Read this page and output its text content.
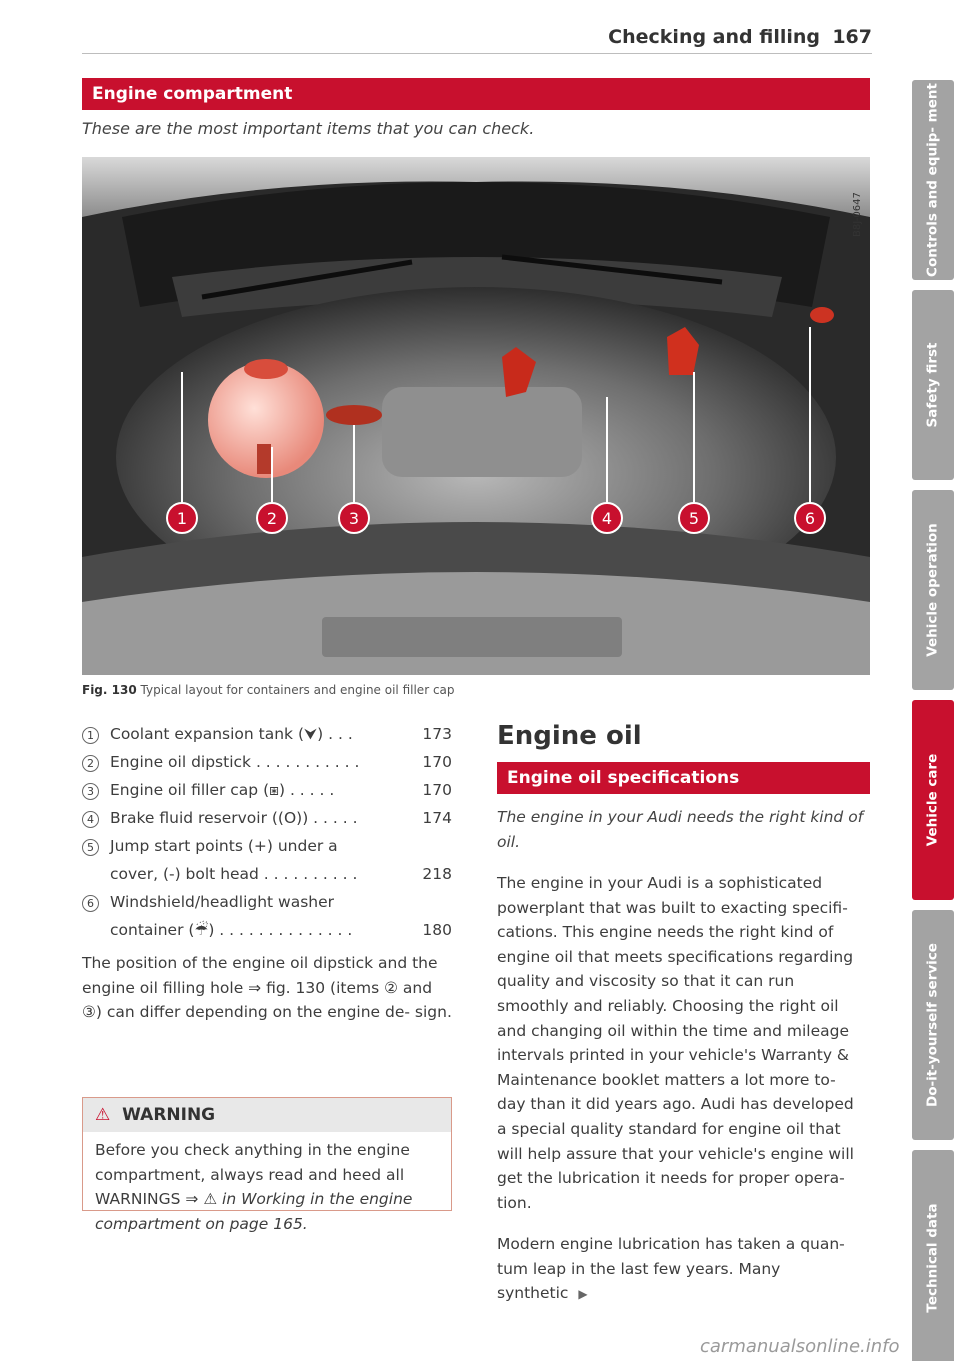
Checking and filling 167
Engine compartment
These are the most important items that you can check.
1	2	3	4	5	6
B8J-0647
Fig. 130 Typical layout for containers and engine oil filler cap
1	Coolant expansion tank (⮟) . . .	173
2	Engine oil dipstick . . . . . . . . . . .	170
3	Engine oil filler cap (⧆) . . . . .	170
4	Brake fluid reservoir ((O)) . . . . .	174
5	Jump start points (+) under a
cover, (-) bolt head . . . . . . . . . .	218
6	Windshield/headlight washer
container (☔) . . . . . . . . . . . . . .	180

The position of the engine oil dipstick and the engine oil filling hole ⇒ fig. 130 (items ② and ③) can differ depending on the engine de- sign.

⚠ WARNING
Before you check anything in the engine compartment, always read and heed all WARNINGS ⇒ ⚠ in Working in the engine compartment on page 165.
Engine oil
Engine oil specifications

The engine in your Audi needs the right kind of oil.

The engine in your Audi is a sophisticated powerplant that was built to exacting specifi- cations. This engine needs the right kind of engine oil that meets specifications regarding quality and viscosity so that it can run smoothly and reliably. Choosing the right oil and changing oil within the time and mileage intervals printed in your vehicle's Warranty & Maintenance booklet matters a lot more to- day than it did years ago. Audi has developed a special quality standard for engine oil that will help assure that your vehicle's engine will get the lubrication it needs for proper opera- tion.

Modern engine lubrication has taken a quan- tum leap in the last few years. Many synthetic ▶

Controls and equip- ment
Safety first
Vehicle operation
Vehicle care
Do-it-yourself service
Technical data
carmanualsonline.info
